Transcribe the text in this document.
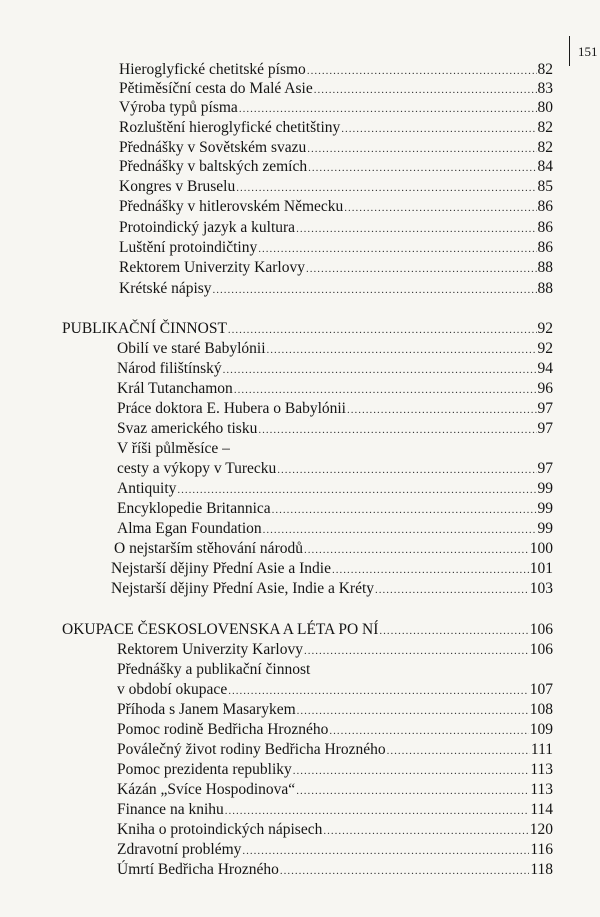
151
Hieroglyfické chetitské písmo .....	82
Pětiměsíční cesta do Malé Asie .....	83
Výroba typů písma .....	80
Rozluštění hieroglyfické chetitštiny .....	82
Přednášky v Sovětském svazu .....	82
Přednášky v baltských zemích .....	84
Kongres v Bruselu .....	85
Přednášky v hitlerovském Německu .....	86
Protoindický jazyk a kultura .....	86
Luštění protoindičtiny .....	86
Rektorem Univerzity Karlovy .....	88
Krétské nápisy .....	88
PUBLIKAČNÍ ČINNOST .....	92
Obilí ve staré Babylónii .....	92
Národ filištínský .....	94
Král Tutanchamon .....	96
Práce doktora E. Hubera o Babylónii .....	97
Svaz amerického tisku .....	97
V říši půlměsíce –
cesty a výkopy v Turecku .....	97
Antiquity .....	99
Encyklopedie Britannica .....	99
Alma Egan Foundation .....	99
O nejstarším stěhování národů .....	100
Nejstarší dějiny Přední Asie a Indie .....	101
Nejstarší dějiny Přední Asie, Indie a Kréty .....	103
OKUPACE ČESKOSLOVENSKA A LÉTA PO NÍ .....	106
Rektorem Univerzity Karlovy .....	106
Přednášky a publikační činnost
v období okupace .....	107
Příhoda s Janem Masarykem .....	108
Pomoc rodině Bedřicha Hrozného .....	109
Poválečný život rodiny Bedřicha Hrozného .....	111
Pomoc prezidenta republiky .....	113
Kázán „Svíce Hospodinova“ .....	113
Finance na knihu .....	114
Kniha o protoindických nápisech .....	120
Zdravotní problémy .....	116
Úmrtí Bedřicha Hrozného .....	118
